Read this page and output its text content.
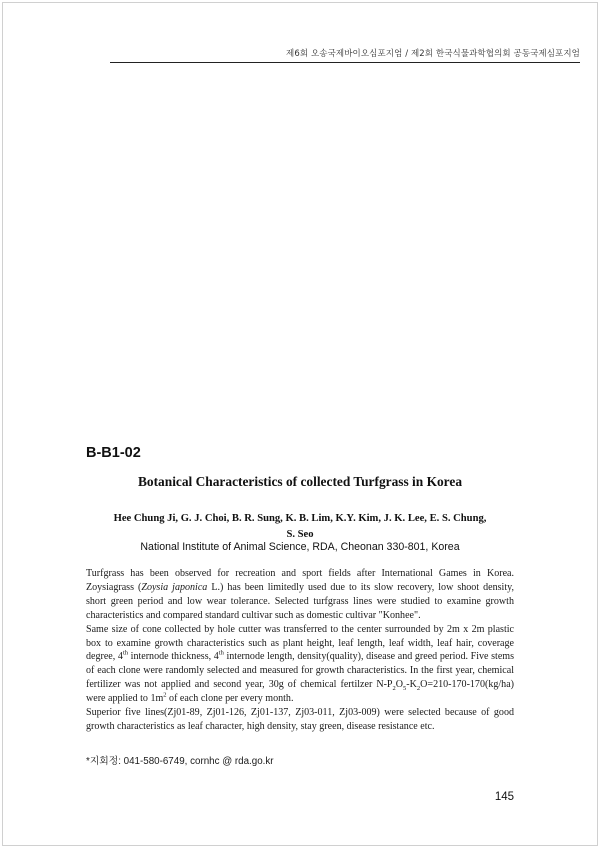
제6회 오송국제바이오심포지엄 / 제2회 한국식물과학협의회 공동국제심포지엄
B-B1-02
Botanical Characteristics of collected Turfgrass in Korea
Hee Chung Ji, G. J. Choi, B. R. Sung, K. B. Lim, K.Y. Kim, J. K. Lee, E. S. Chung,
S. Seo
National Institute of Animal Science, RDA, Cheonan 330-801, Korea

Turfgrass has been observed for recreation and sport fields after International Games in Korea. Zoysiagrass (Zoysia japonica L.) has been limitedly used due to its slow recovery, low shoot density, short green period and low wear tolerance. Selected turfgrass lines were studied to examine growth characteristics and compared standard cultivar such as domestic cultivar "Konhee".

Same size of cone collected by hole cutter was transferred to the center surrounded by 2m x 2m plastic box to examine growth characteristics such as plant height, leaf length, leaf width, leaf hair, coverage degree, 4th internode thickness, 4th internode length, density(quality), disease and greed period. Five stems of each clone were randomly selected and measured for growth characteristics. In the first year, chemical fertilizer was not applied and second year, 30g of chemical fertilzer $N-P_2O_5-K_2O=210-170-170(kg/ha)$ were applied to $1m^2$ of each clone per every month.

Superior five lines(Zj01-89, Zj01-126, Zj01-137, Zj03-011, Zj03-009) were selected because of good growth characteristics as leaf character, high density, stay green, disease resistance etc.

*지회정: 041-580-6749, cornhc @ rda.go.kr
145
